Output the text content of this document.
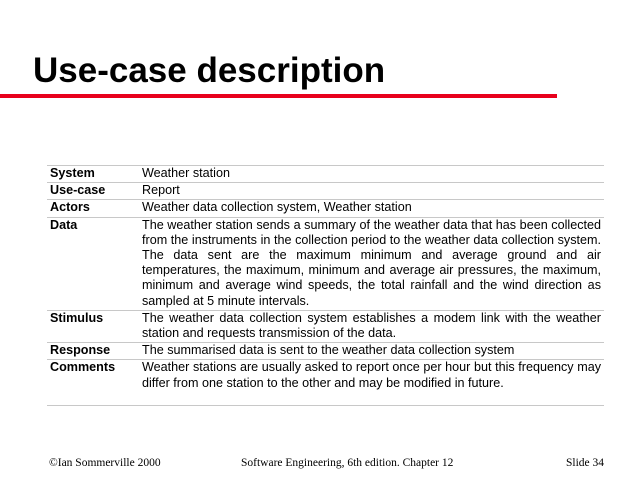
Use-case description
System	Weather station
Use-case	Report
Actors	Weather data collection system, Weather station
Data	The weather station sends a summary of the weather data that has been collected from the instruments in the collection period to the weather data collection system. The data sent are the maximum minimum and average ground and air temperatures, the maximum, minimum and average air pressures, the maximum, minimum and average wind speeds, the total rainfall and the wind direction as sampled at 5 minute intervals.
Stimulus	The weather data collection system establishes a modem link with the weather station and requests transmission of the data.
Response	The summarised data is sent to the weather data collection system
Comments	Weather stations are usually asked to report once per hour but this frequency may differ from one station to the other and may be modified in future.
©Ian Sommerville 2000	Software Engineering, 6th edition. Chapter 12	Slide 34
